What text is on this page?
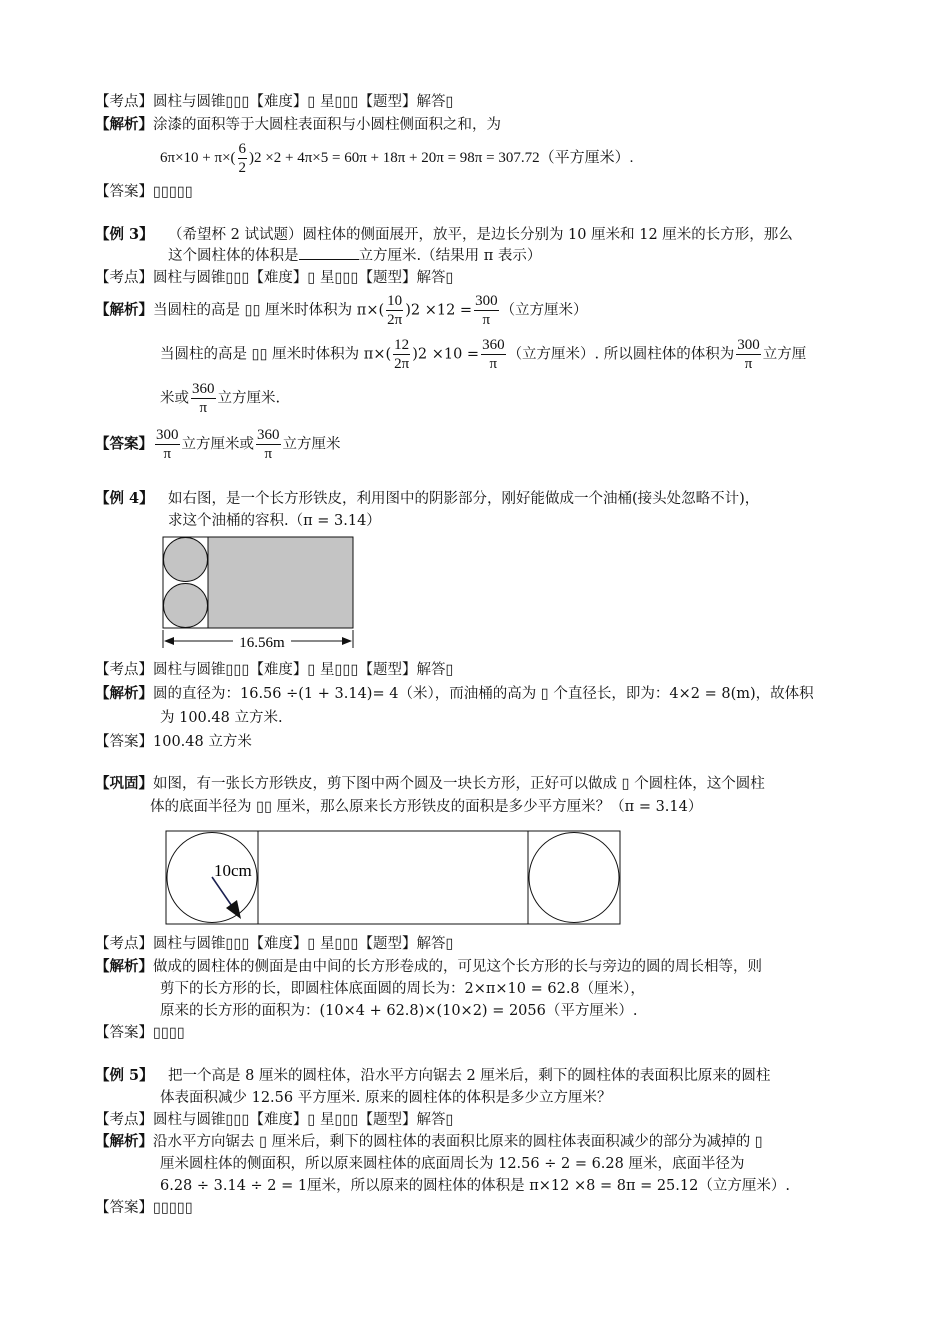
【考点】圆柱与圆锥▯▯▯【难度】▯ 星▯▯▯【题型】解答▯
【解析】涂漆的面积等于大圆柱表面积与小圆柱侧面积之和，为
$6\pi\times 10 + \pi\times( \frac{6}{2} )2 \times 2 + 4\pi\times 5 = 60\pi + 18\pi + 20\pi = 98\pi = 307.72$（平方厘米）.
【答案】▯▯▯▯▯
【例 3】 （希望杯 2 试试题）圆柱体的侧面展开，放平，是边长分别为 10 厘米和 12 厘米的长方形，那么
这个圆柱体的体积是	立方厘米.（结果用 π 表示）
【考点】圆柱与圆锥▯▯▯【难度】▯ 星▯▯▯【题型】解答▯
【解析】当圆柱的高是 ▯▯ 厘米时体积为 $\pi\times( \frac{10}{2\pi} )2 \times 12 = \frac{300}{\pi}$ （立方厘米）
当圆柱的高是 ▯▯ 厘米时体积为 $\pi\times( \frac{12}{2\pi} )2 \times 10 = \frac{360}{\pi}$ （立方厘米）. 所以圆柱体的体积为 $\frac{300}{\pi}$ 立方厘
米或 $\frac{360}{\pi}$ 立方厘米.
【答案】 $\frac{300}{\pi}$ 立方厘米或 $\frac{360}{\pi}$ 立方厘米
【例 4】 如右图，是一个长方形铁皮，利用图中的阴影部分，刚好能做成一个油桶(接头处忽略不计)，
求这个油桶的容积.（π = 3.14）
16.56m
【考点】圆柱与圆锥▯▯▯【难度】▯ 星▯▯▯【题型】解答▯
【解析】圆的直径为：16.56 ÷(1 + 3.14)= 4（米），而油桶的高为 ▯ 个直径长，即为：4×2 = 8(m)，故体积
为 100.48 立方米.
【答案】100.48 立方米
【巩固】如图，有一张长方形铁皮，剪下图中两个圆及一块长方形，正好可以做成 ▯ 个圆柱体，这个圆柱
体的底面半径为 ▯▯ 厘米，那么原来长方形铁皮的面积是多少平方厘米？（π = 3.14）
10cm
【考点】圆柱与圆锥▯▯▯【难度】▯ 星▯▯▯【题型】解答▯
【解析】做成的圆柱体的侧面是由中间的长方形卷成的，可见这个长方形的长与旁边的圆的周长相等，则
剪下的长方形的长，即圆柱体底面圆的周长为：2×π×10 = 62.8（厘米），
原来的长方形的面积为：(10×4 + 62.8)×(10×2) = 2056（平方厘米）.
【答案】▯▯▯▯
【例 5】 把一个高是 8 厘米的圆柱体，沿水平方向锯去 2 厘米后，剩下的圆柱体的表面积比原来的圆柱
体表面积减少 12.56 平方厘米. 原来的圆柱体的体积是多少立方厘米？
【考点】圆柱与圆锥▯▯▯【难度】▯ 星▯▯▯【题型】解答▯
【解析】沿水平方向锯去 ▯ 厘米后，剩下的圆柱体的表面积比原来的圆柱体表面积减少的部分为减掉的 ▯
厘米圆柱体的侧面积，所以原来圆柱体的底面周长为 12.56 ÷ 2 = 6.28 厘米，底面半径为
6.28 ÷ 3.14 ÷ 2 = 1厘米，所以原来的圆柱体的体积是 π×12 ×8 = 8π = 25.12（立方厘米）.
【答案】▯▯▯▯▯
